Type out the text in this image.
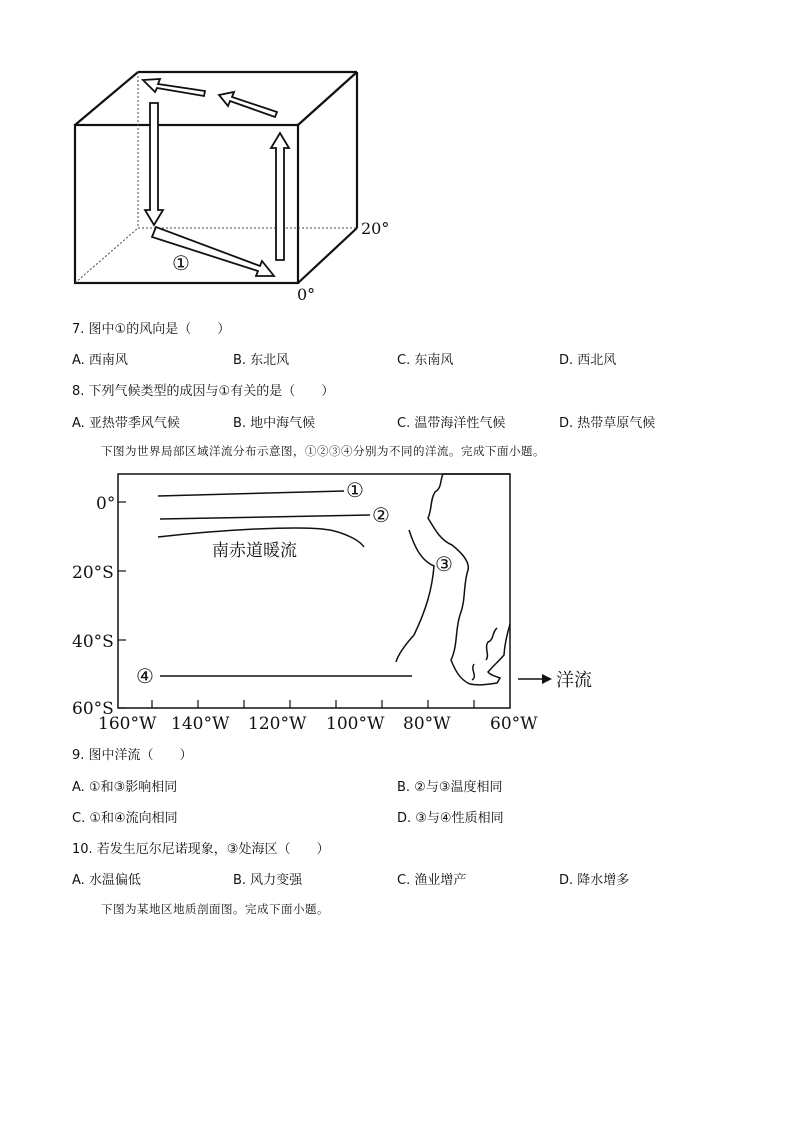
①
20°
0°
7. 图中①的风向是（　　）
A. 西南风	B. 东北风	C. 东南风	D. 西北风
8. 下列气候类型的成因与①有关的是（　　）
A. 亚热带季风气候	B. 地中海气候	C. 温带海洋性气候	D. 热带草原气候
下图为世界局部区域洋流分布示意图，①②③④分别为不同的洋流。完成下面小题。
0°
20°S
40°S
60°S
160°W 140°W 120°W 100°W 80°W 60°W
①
②
③
④
南赤道暖流
洋流
9. 图中洋流（　　）
A. ①和③影响相同	B. ②与③温度相同
C. ①和④流向相同	D. ③与④性质相同
10. 若发生厄尔尼诺现象，③处海区（　　）
A. 水温偏低	B. 风力变强	C. 渔业增产	D. 降水增多
下图为某地区地质剖面图。完成下面小题。
